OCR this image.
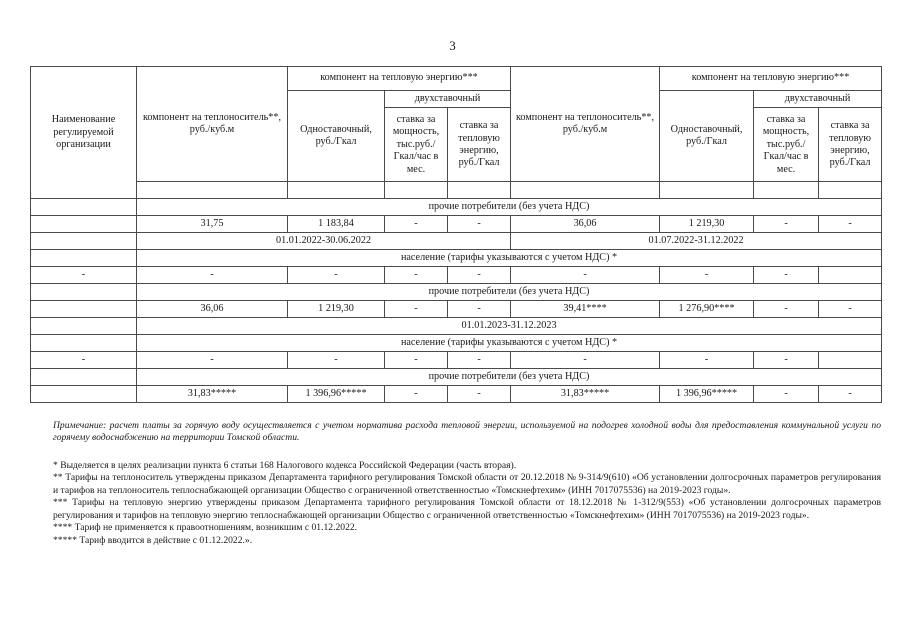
3
Наименование регулируемой организации	компонент на теплоноситель**, руб./куб.м	компонент на тепловую энергию***			компонент на теплоноситель**, руб./куб.м	компонент на тепловую энергию***		
		Одноставочный, руб./Гкал	двухставочный			Одноставочный, руб./Гкал	двухставочный	
			ставка за мощность, тыс.руб./ Гкал/час в мес.	ставка за тепловую энергию, руб./Гкал			ставка за мощность, тыс.руб./ Гкал/час в мес.	ставка за тепловую энергию, руб./Гкал

	прочие потребители (без учета НДС)							
	31,75	1 183,84	-	-	36,06	1 219,30	-	-
	01.01.2022-30.06.2022				01.07.2022-31.12.2022			
	население (тарифы указываются с учетом НДС) *							
-	-	-	-	-	-	-	-	
	прочие потребители (без учета НДС)							
	36,06	1 219,30	-	-	39,41****	1 276,90****	-	-
	01.01.2023-31.12.2023							
	население (тарифы указываются с учетом НДС) *							
-	-	-	-	-	-	-	-	
	прочие потребители (без учета НДС)							
	31,83*****	1 396,96*****	-	-	31,83*****	1 396,96*****	-	-

Примечание: расчет платы за горячую воду осуществляется с учетом норматива расхода тепловой энергии, используемой на подогрев холодной воды для предоставления коммунальной услуги по горячему водоснабжению на территории Томской области.

* Выделяется в целях реализации пункта 6 статьи 168 Налогового кодекса Российской Федерации (часть вторая).

** Тарифы на теплоноситель утверждены приказом Департамента тарифного регулирования Томской области от 20.12.2018 № 9-314/9(610) «Об установлении долгосрочных параметров регулирования и тарифов на теплоноситель теплоснабжающей организации Общество с ограниченной ответственностью «Томскнефтехим» (ИНН 7017075536) на 2019-2023 годы».

*** Тарифы на тепловую энергию утверждены приказом Департамента тарифного регулирования Томской области от 18.12.2018 № 1-312/9(553) «Об установлении долгосрочных параметров регулирования и тарифов на тепловую энергию теплоснабжающей организации Общество с ограниченной ответственностью «Томскнефтехим» (ИНН 7017075536) на 2019-2023 годы».

**** Тариф не применяется к правоотношениям, возникшим с 01.12.2022.

***** Тариф вводится в действие с 01.12.2022.».
